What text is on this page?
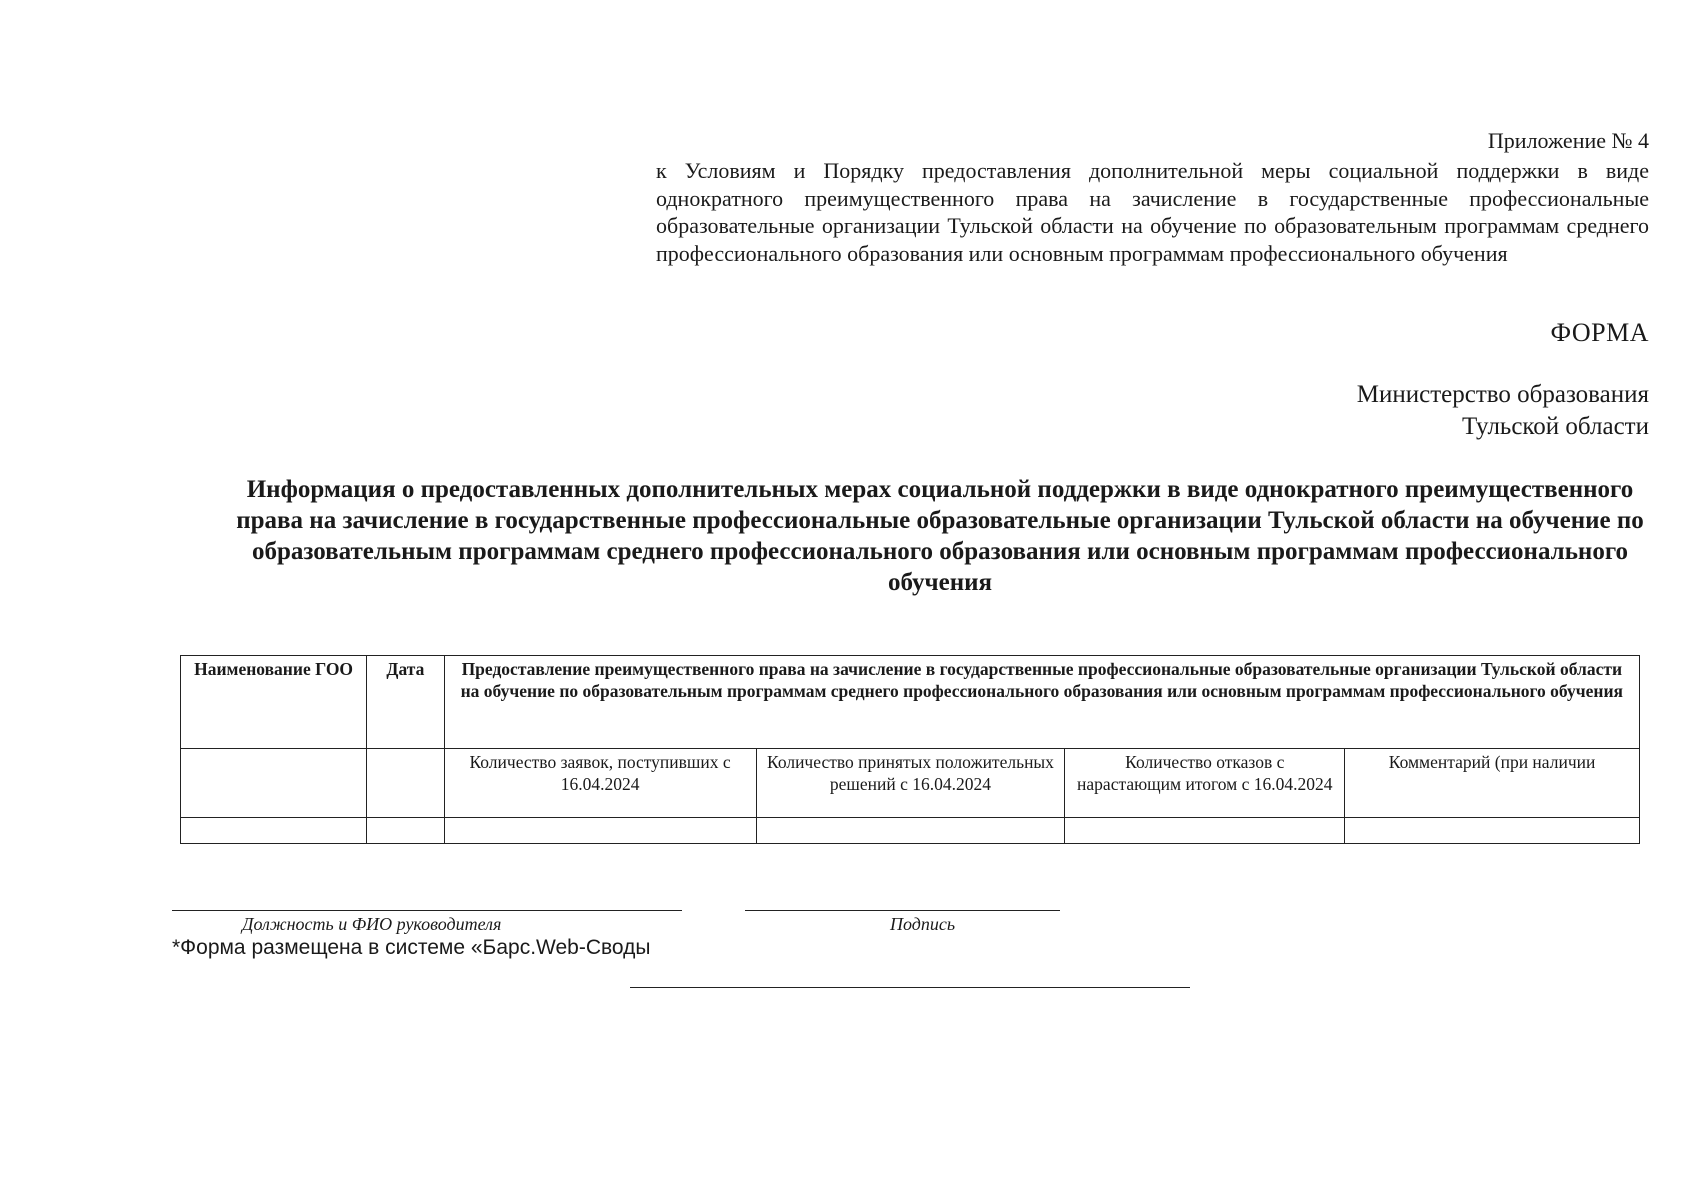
Приложение № 4
к Условиям и Порядку предоставления дополнительной меры социальной поддержки в виде однократного преимущественного права на зачисление в государственные профессиональные образовательные организации Тульской области на обучение по образовательным программам среднего профессионального образования или основным программам профессионального обучения
ФОРМА
Министерство образования
Тульской области
Информация о предоставленных дополнительных мерах социальной поддержки в виде однократного преимущественного права на зачисление в государственные профессиональные образовательные организации Тульской области на обучение по образовательным программам среднего профессионального образования или основным программам профессионального обучения
Наименование ГОО	Дата	Предоставление преимущественного права на зачисление в государственные профессиональные образовательные организации Тульской области на обучение по образовательным программам среднего профессионального образования или основным программам профессионального обучения			
		Количество заявок, поступивших с 16.04.2024	Количество принятых положительных решений с 16.04.2024	Количество отказов с нарастающим итогом с 16.04.2024	Комментарий (при наличии

Должность и ФИО руководителя	Подпись
*Форма размещена в системе «Барс.Web-Своды
